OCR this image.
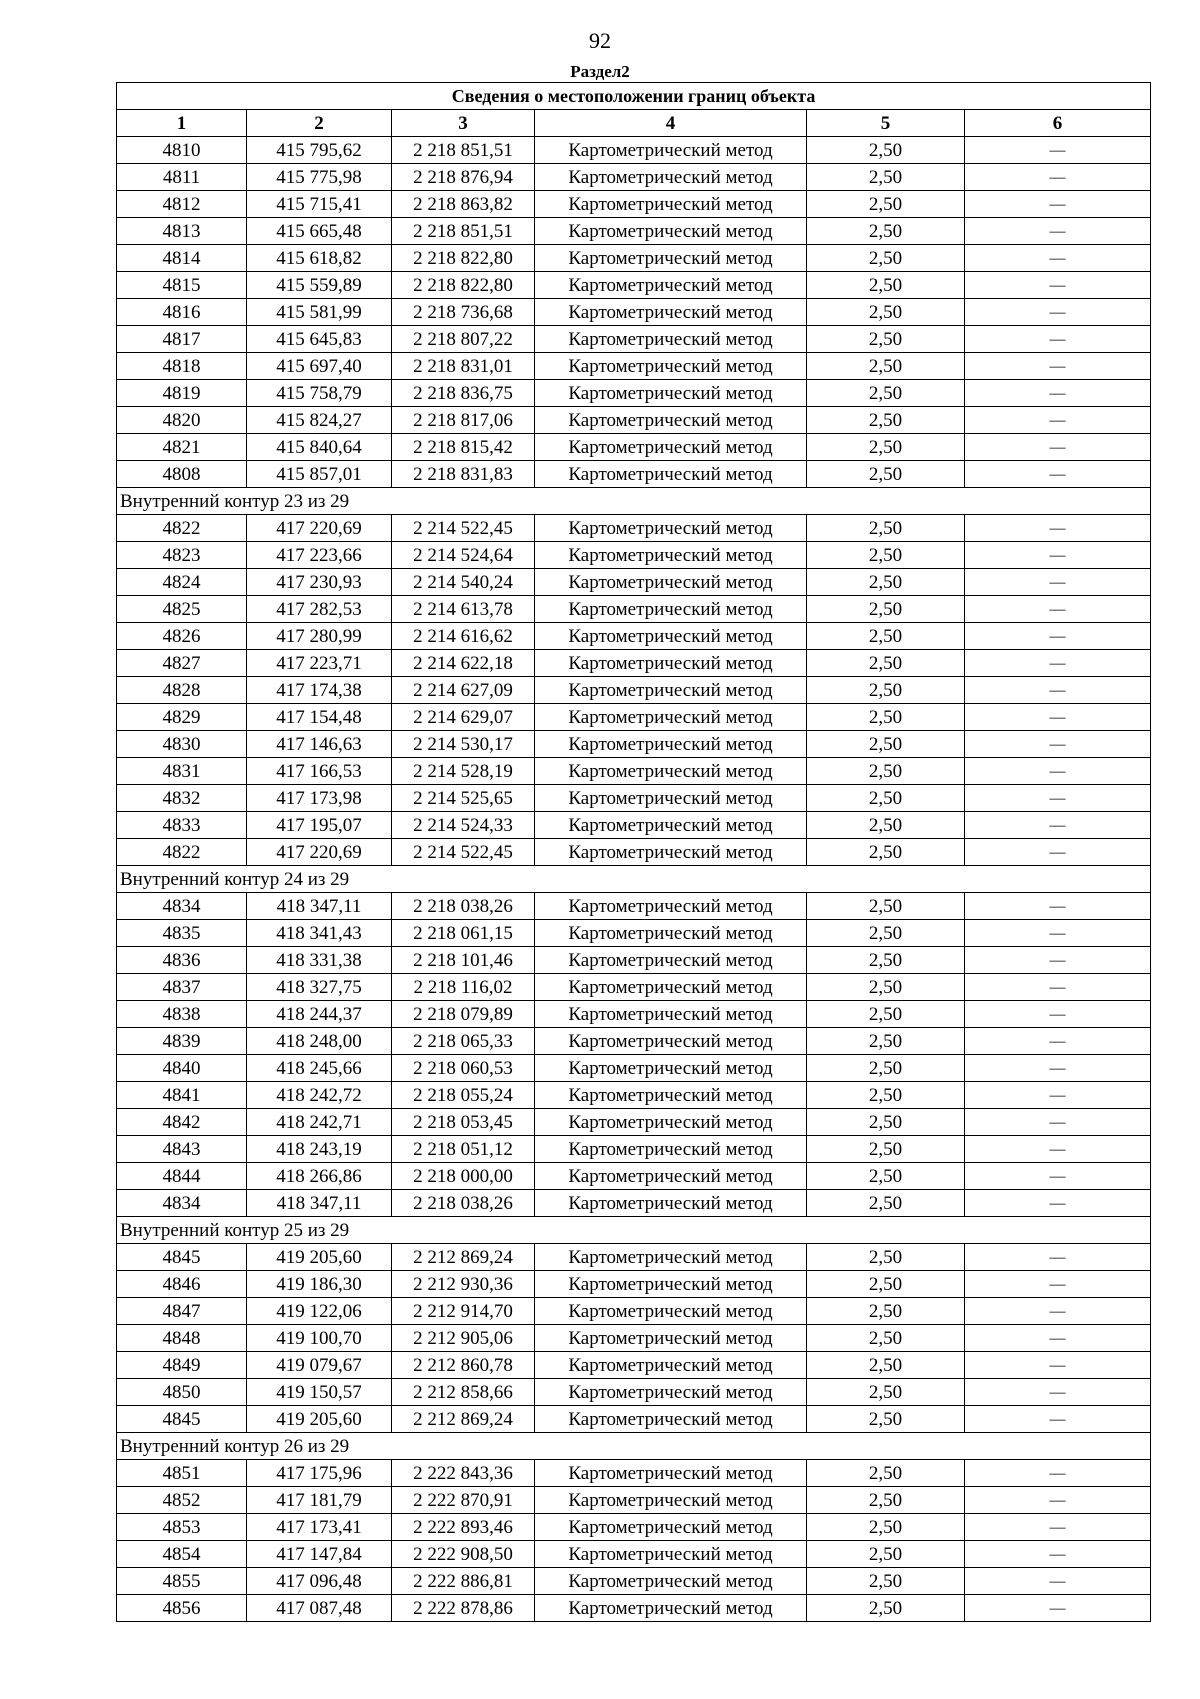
92
Раздел2
Сведения о местоположении границ объекта					
1	2	3	4	5	6
4810	415 795,62	2 218 851,51	Картометрический метод	2,50	—
4811	415 775,98	2 218 876,94	Картометрический метод	2,50	—
4812	415 715,41	2 218 863,82	Картометрический метод	2,50	—
4813	415 665,48	2 218 851,51	Картометрический метод	2,50	—
4814	415 618,82	2 218 822,80	Картометрический метод	2,50	—
4815	415 559,89	2 218 822,80	Картометрический метод	2,50	—
4816	415 581,99	2 218 736,68	Картометрический метод	2,50	—
4817	415 645,83	2 218 807,22	Картометрический метод	2,50	—
4818	415 697,40	2 218 831,01	Картометрический метод	2,50	—
4819	415 758,79	2 218 836,75	Картометрический метод	2,50	—
4820	415 824,27	2 218 817,06	Картометрический метод	2,50	—
4821	415 840,64	2 218 815,42	Картометрический метод	2,50	—
4808	415 857,01	2 218 831,83	Картометрический метод	2,50	—
Внутренний контур 23 из 29					
4822	417 220,69	2 214 522,45	Картометрический метод	2,50	—
4823	417 223,66	2 214 524,64	Картометрический метод	2,50	—
4824	417 230,93	2 214 540,24	Картометрический метод	2,50	—
4825	417 282,53	2 214 613,78	Картометрический метод	2,50	—
4826	417 280,99	2 214 616,62	Картометрический метод	2,50	—
4827	417 223,71	2 214 622,18	Картометрический метод	2,50	—
4828	417 174,38	2 214 627,09	Картометрический метод	2,50	—
4829	417 154,48	2 214 629,07	Картометрический метод	2,50	—
4830	417 146,63	2 214 530,17	Картометрический метод	2,50	—
4831	417 166,53	2 214 528,19	Картометрический метод	2,50	—
4832	417 173,98	2 214 525,65	Картометрический метод	2,50	—
4833	417 195,07	2 214 524,33	Картометрический метод	2,50	—
4822	417 220,69	2 214 522,45	Картометрический метод	2,50	—
Внутренний контур 24 из 29					
4834	418 347,11	2 218 038,26	Картометрический метод	2,50	—
4835	418 341,43	2 218 061,15	Картометрический метод	2,50	—
4836	418 331,38	2 218 101,46	Картометрический метод	2,50	—
4837	418 327,75	2 218 116,02	Картометрический метод	2,50	—
4838	418 244,37	2 218 079,89	Картометрический метод	2,50	—
4839	418 248,00	2 218 065,33	Картометрический метод	2,50	—
4840	418 245,66	2 218 060,53	Картометрический метод	2,50	—
4841	418 242,72	2 218 055,24	Картометрический метод	2,50	—
4842	418 242,71	2 218 053,45	Картометрический метод	2,50	—
4843	418 243,19	2 218 051,12	Картометрический метод	2,50	—
4844	418 266,86	2 218 000,00	Картометрический метод	2,50	—
4834	418 347,11	2 218 038,26	Картометрический метод	2,50	—
Внутренний контур 25 из 29					
4845	419 205,60	2 212 869,24	Картометрический метод	2,50	—
4846	419 186,30	2 212 930,36	Картометрический метод	2,50	—
4847	419 122,06	2 212 914,70	Картометрический метод	2,50	—
4848	419 100,70	2 212 905,06	Картометрический метод	2,50	—
4849	419 079,67	2 212 860,78	Картометрический метод	2,50	—
4850	419 150,57	2 212 858,66	Картометрический метод	2,50	—
4845	419 205,60	2 212 869,24	Картометрический метод	2,50	—
Внутренний контур 26 из 29					
4851	417 175,96	2 222 843,36	Картометрический метод	2,50	—
4852	417 181,79	2 222 870,91	Картометрический метод	2,50	—
4853	417 173,41	2 222 893,46	Картометрический метод	2,50	—
4854	417 147,84	2 222 908,50	Картометрический метод	2,50	—
4855	417 096,48	2 222 886,81	Картометрический метод	2,50	—
4856	417 087,48	2 222 878,86	Картометрический метод	2,50	—
